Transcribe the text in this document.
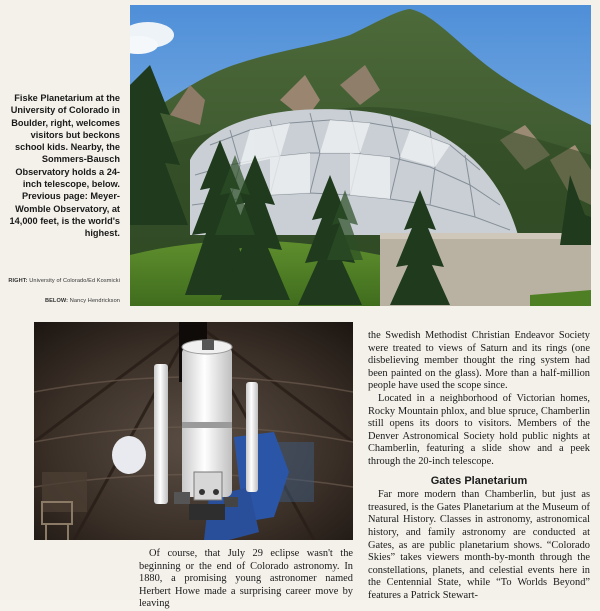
Fiske Planetarium at the University of Colorado in Boulder, right, welcomes visitors but beckons school kids. Nearby, the Sommers-Bausch Observatory holds a 24-inch telescope, below. Previous page: Meyer-Womble Observatory, at 14,000 feet, is the world's highest.
RIGHT: University of Colorado/Ed Kosmicki
BELOW: Nancy Hendrickson

the Swedish Methodist Christian Endeavor Society were treated to views of Saturn and its rings (one disbelieving member thought the ring system had been painted on the glass). More than a half-million people have used the scope since.

Located in a neighborhood of Victorian homes, Rocky Mountain phlox, and blue spruce, Chamberlin still opens its doors to visitors. Members of the Denver Astronomical Society hold public nights at Chamberlin, featuring a slide show and a peek through the 20-inch telescope.

Gates Planetarium

Far more modern than Chamberlin, but just as treasured, is the Gates Planetarium at the Museum of Natural History. Classes in astronomy, astronomical history, and family astronomy are conducted at Gates, as are public planetarium shows. “Colorado Skies” takes viewers month-by-month through the constellations, planets, and celestial events here in the Centennial State, while “To Worlds Beyond” features a Patrick Stewart-

Of course, that July 29 eclipse wasn't the beginning or the end of Colorado astronomy. In 1880, a promising young astronomer named Herbert Howe made a surprising career move by leaving
